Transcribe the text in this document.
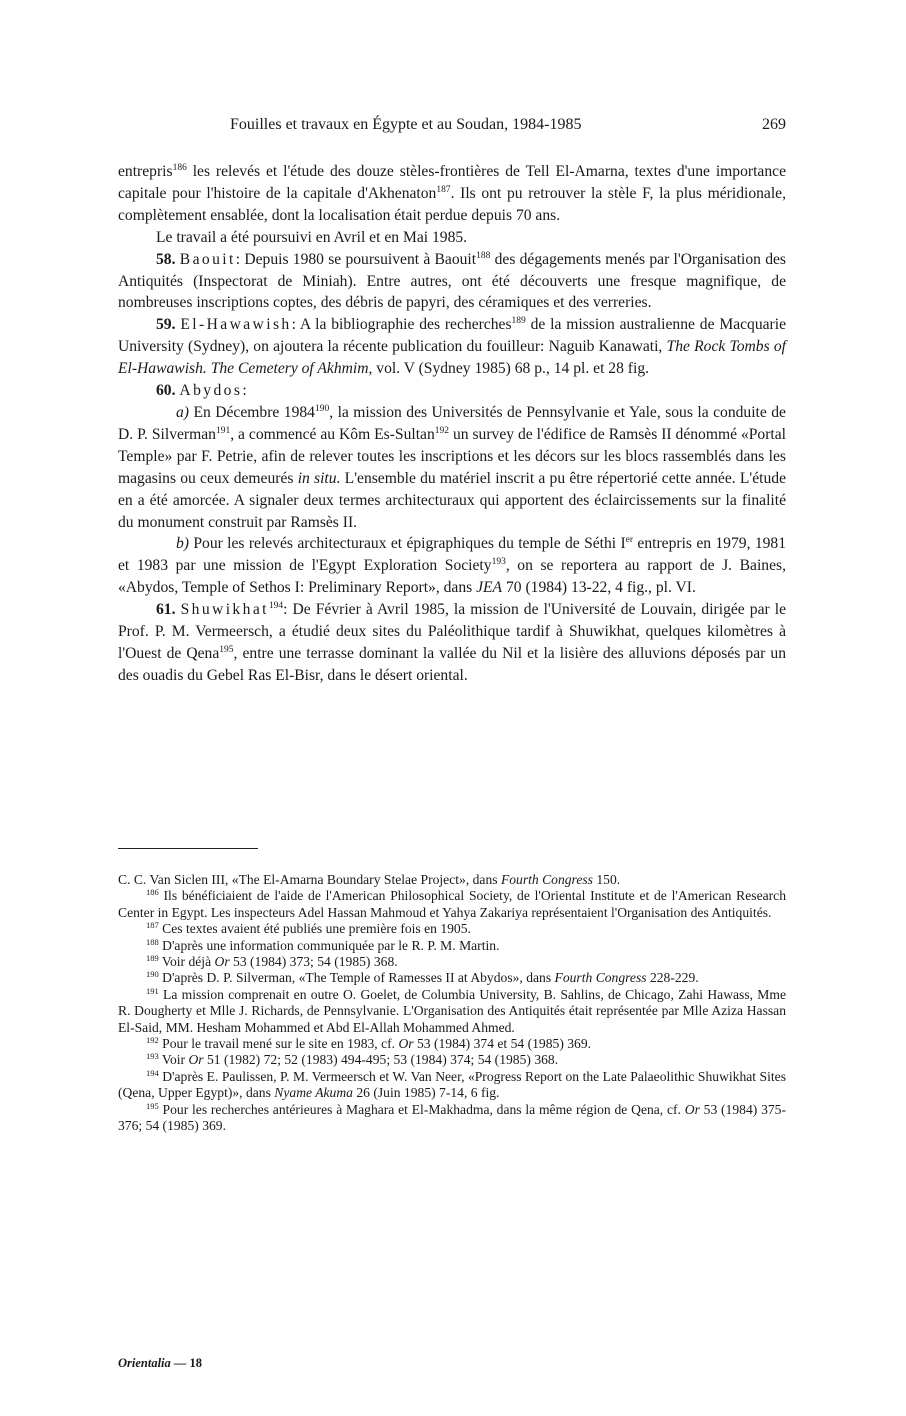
Fouilles et travaux en Égypte et au Soudan, 1984-1985	269

entrepris$^{186}$ les relevés et l'étude des douze stèles-frontières de Tell El-Amarna, textes d'une importance capitale pour l'histoire de la capitale d'Akhenaton$^{187}$. Ils ont pu retrouver la stèle F, la plus méridionale, complètement ensablée, dont la localisation était perdue depuis 70 ans.

Le travail a été poursuivi en Avril et en Mai 1985.

58. Baouit: Depuis 1980 se poursuivent à Baouit$^{188}$ des dégagements menés par l'Organisation des Antiquités (Inspectorat de Miniah). Entre autres, ont été découverts une fresque magnifique, de nombreuses inscriptions coptes, des débris de papyri, des céramiques et des verreries.

59. El-Hawawish: A la bibliographie des recherches$^{189}$ de la mission australienne de Macquarie University (Sydney), on ajoutera la récente publication du fouilleur: Naguib Kanawati, The Rock Tombs of El-Hawawish. The Cemetery of Akhmim, vol. V (Sydney 1985) 68 p., 14 pl. et 28 fig.

60. Abydos:

a) En Décembre 1984$^{190}$, la mission des Universités de Pennsylvanie et Yale, sous la conduite de D. P. Silverman$^{191}$, a commencé au Kôm Es-Sultan$^{192}$ un survey de l'édifice de Ramsès II dénommé «Portal Temple» par F. Petrie, afin de relever toutes les inscriptions et les décors sur les blocs rassemblés dans les magasins ou ceux demeurés in situ. L'ensemble du matériel inscrit a pu être répertorié cette année. L'étude en a été amorcée. A signaler deux termes architecturaux qui apportent des éclaircissements sur la finalité du monument construit par Ramsès II.

b) Pour les relevés architecturaux et épigraphiques du temple de Séthi Ier entrepris en 1979, 1981 et 1983 par une mission de l'Egypt Exploration Society$^{193}$, on se reportera au rapport de J. Baines, «Abydos, Temple of Sethos I: Preliminary Report», dans JEA 70 (1984) 13-22, 4 fig., pl. VI.

61. Shuwikhat$^{194}$: De Février à Avril 1985, la mission de l'Université de Louvain, dirigée par le Prof. P. M. Vermeersch, a étudié deux sites du Paléolithique tardif à Shuwikhat, quelques kilomètres à l'Ouest de Qena$^{195}$, entre une terrasse dominant la vallée du Nil et la lisière des alluvions déposés par un des ouadis du Gebel Ras El-Bisr, dans le désert oriental.

C. C. Van Siclen III, «The El-Amarna Boundary Stelae Project», dans Fourth Congress 150.

$^{186}$ Ils bénéficiaient de l'aide de l'American Philosophical Society, de l'Oriental Institute et de l'American Research Center in Egypt. Les inspecteurs Adel Hassan Mahmoud et Yahya Zakariya représentaient l'Organisation des Antiquités.

$^{187}$ Ces textes avaient été publiés une première fois en 1905.

$^{188}$ D'après une information communiquée par le R. P. M. Martin.

$^{189}$ Voir déjà Or 53 (1984) 373; 54 (1985) 368.

$^{190}$ D'après D. P. Silverman, «The Temple of Ramesses II at Abydos», dans Fourth Congress 228-229.

$^{191}$ La mission comprenait en outre O. Goelet, de Columbia University, B. Sahlins, de Chicago, Zahi Hawass, Mme R. Dougherty et Mlle J. Richards, de Pennsylvanie. L'Organisation des Antiquités était représentée par Mlle Aziza Hassan El-Said, MM. Hesham Mohammed et Abd El-Allah Mohammed Ahmed.

$^{192}$ Pour le travail mené sur le site en 1983, cf. Or 53 (1984) 374 et 54 (1985) 369.

$^{193}$ Voir Or 51 (1982) 72; 52 (1983) 494-495; 53 (1984) 374; 54 (1985) 368.

$^{194}$ D'après E. Paulissen, P. M. Vermeersch et W. Van Neer, «Progress Report on the Late Palaeolithic Shuwikhat Sites (Qena, Upper Egypt)», dans Nyame Akuma 26 (Juin 1985) 7-14, 6 fig.

$^{195}$ Pour les recherches antérieures à Maghara et El-Makhadma, dans la même région de Qena, cf. Or 53 (1984) 375-376; 54 (1985) 369.

Orientalia — 18
